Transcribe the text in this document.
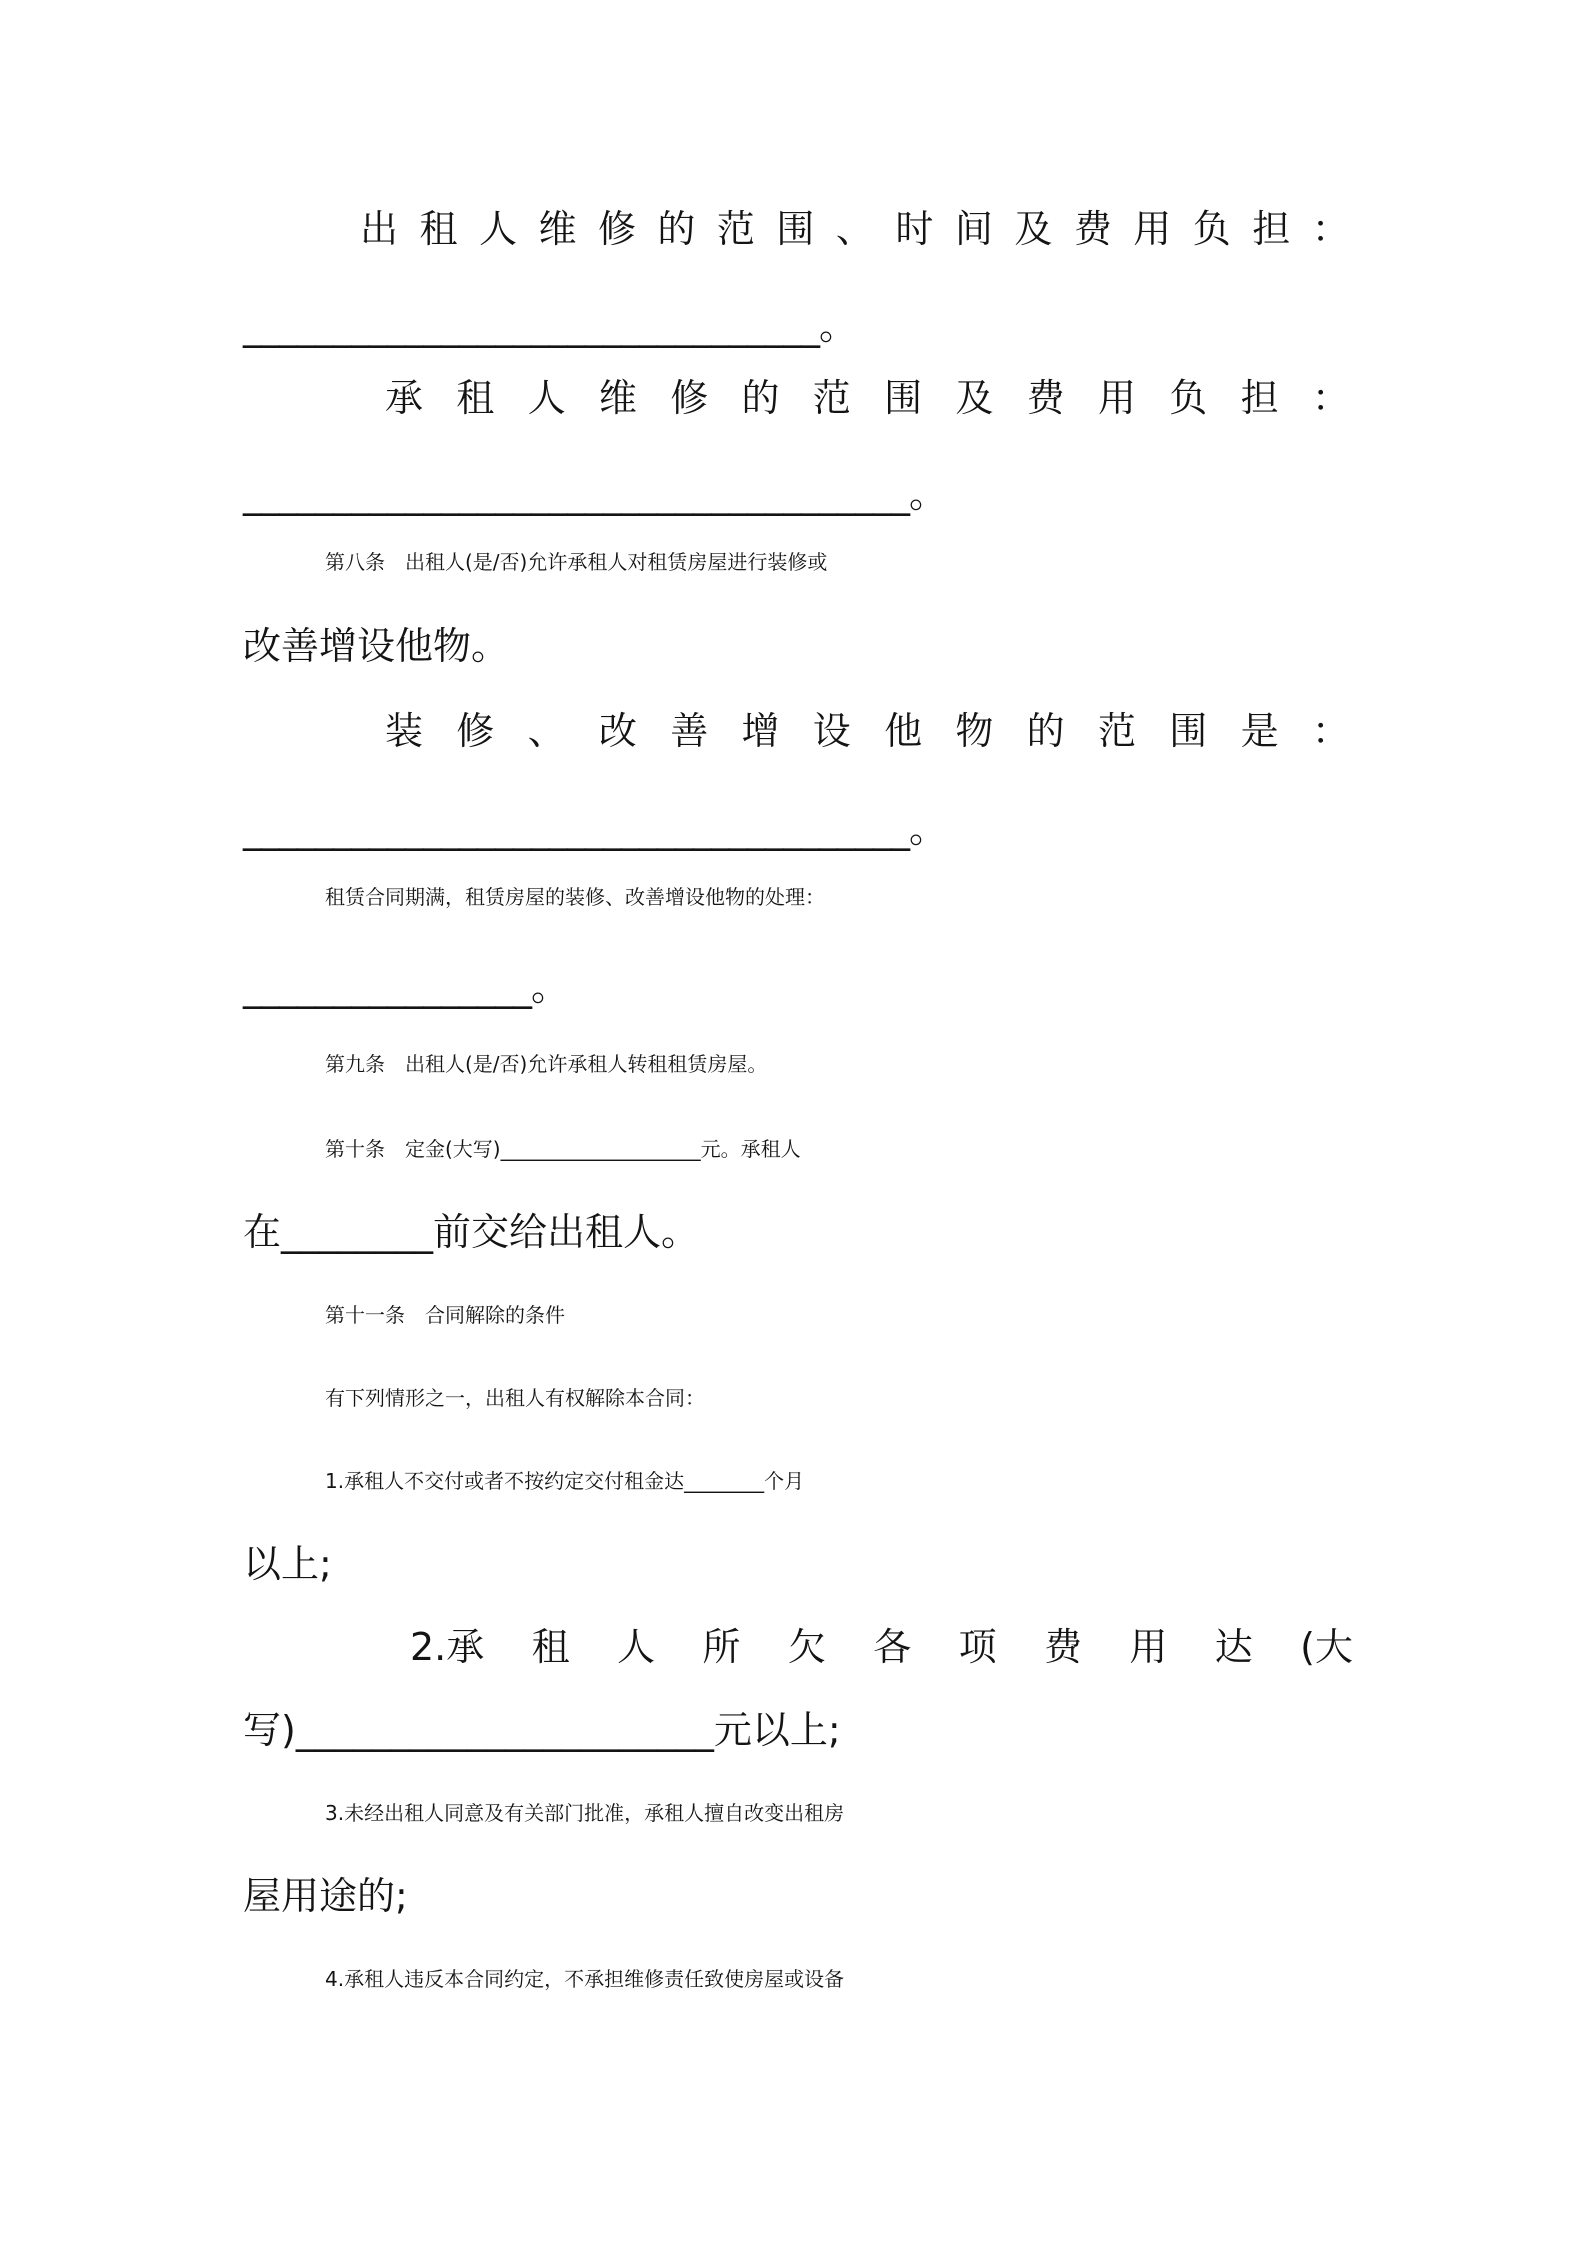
出 租 人 维 修 的 范 围 、 时 间 及 费 用 负 担 ：
________________________________。
承 租 人 维 修 的 范 围 及 费 用 负 担 ：
_____________________________________。
第八条　出租人(是/否)允许承租人对租赁房屋进行装修或
改善增设他物。
装 修 、 改 善 增 设 他 物 的 范 围 是 ：
_____________________________________。
租赁合同期满，租赁房屋的装修、改善增设他物的处理：
________________。
第九条　出租人(是/否)允许承租人转租租赁房屋。
第十条　定金(大写)____________________元。承租人
在________前交给出租人。
第十一条　合同解除的条件
有下列情形之一，出租人有权解除本合同：
1.承租人不交付或者不按约定交付租金达________个月
以上;
2.承 租 人 所 欠 各 项 费 用 达 (大
写)______________________元以上;
3.未经出租人同意及有关部门批准，承租人擅自改变出租房
屋用途的;
4.承租人违反本合同约定，不承担维修责任致使房屋或设备
